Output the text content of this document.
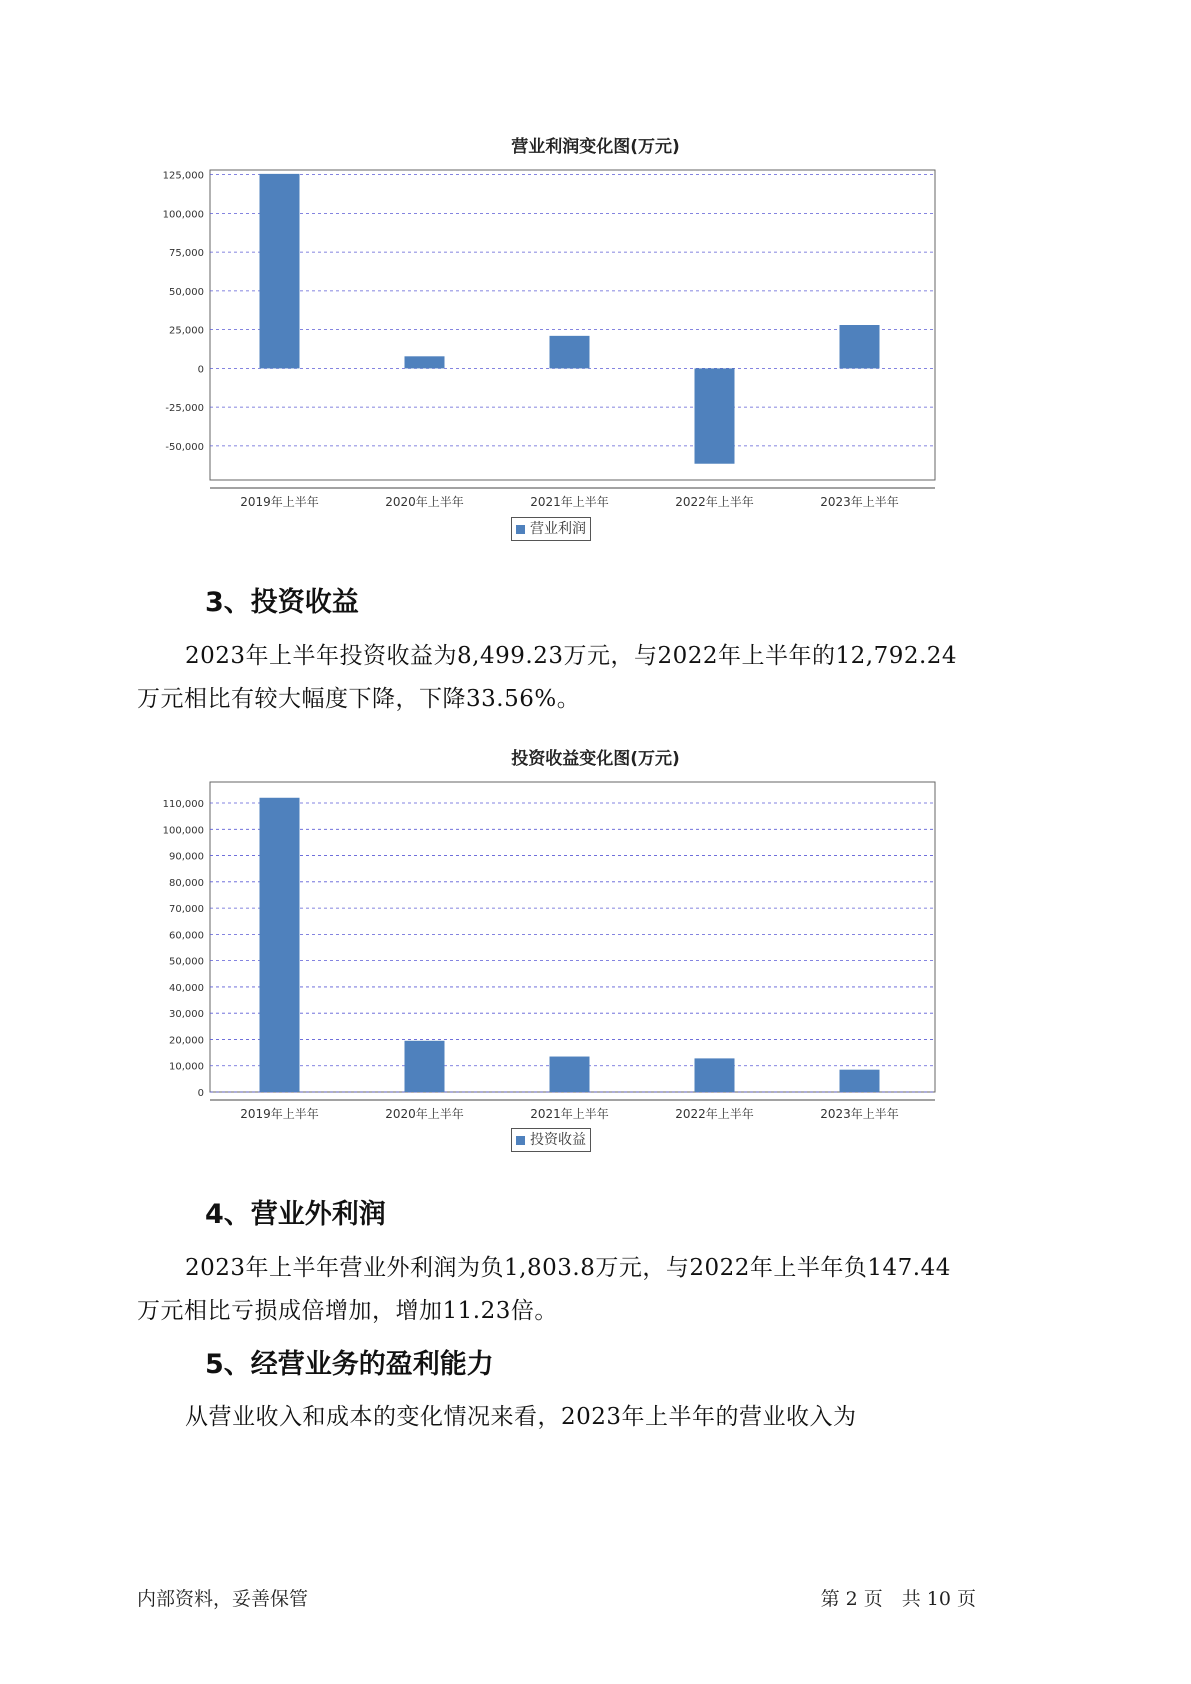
营业利润变化图(万元)
125,000
100,000
75,000
50,000
25,000
0
-25,000
-50,000
2019年上半年	2020年上半年	2021年上半年	2022年上半年	2023年上半年
营业利润
3、投资收益
2023年上半年投资收益为8,499.23万元，与2022年上半年的12,792.24
万元相比有较大幅度下降，下降33.56%。
投资收益变化图(万元)
110,000
100,000
90,000
80,000
70,000
60,000
50,000
40,000
30,000
20,000
10,000
0
2019年上半年	2020年上半年	2021年上半年	2022年上半年	2023年上半年
投资收益
4、营业外利润
2023年上半年营业外利润为负1,803.8万元，与2022年上半年负147.44
万元相比亏损成倍增加，增加11.23倍。
5、经营业务的盈利能力
从营业收入和成本的变化情况来看，2023年上半年的营业收入为
内部资料，妥善保管	第 2 页　共 10 页
